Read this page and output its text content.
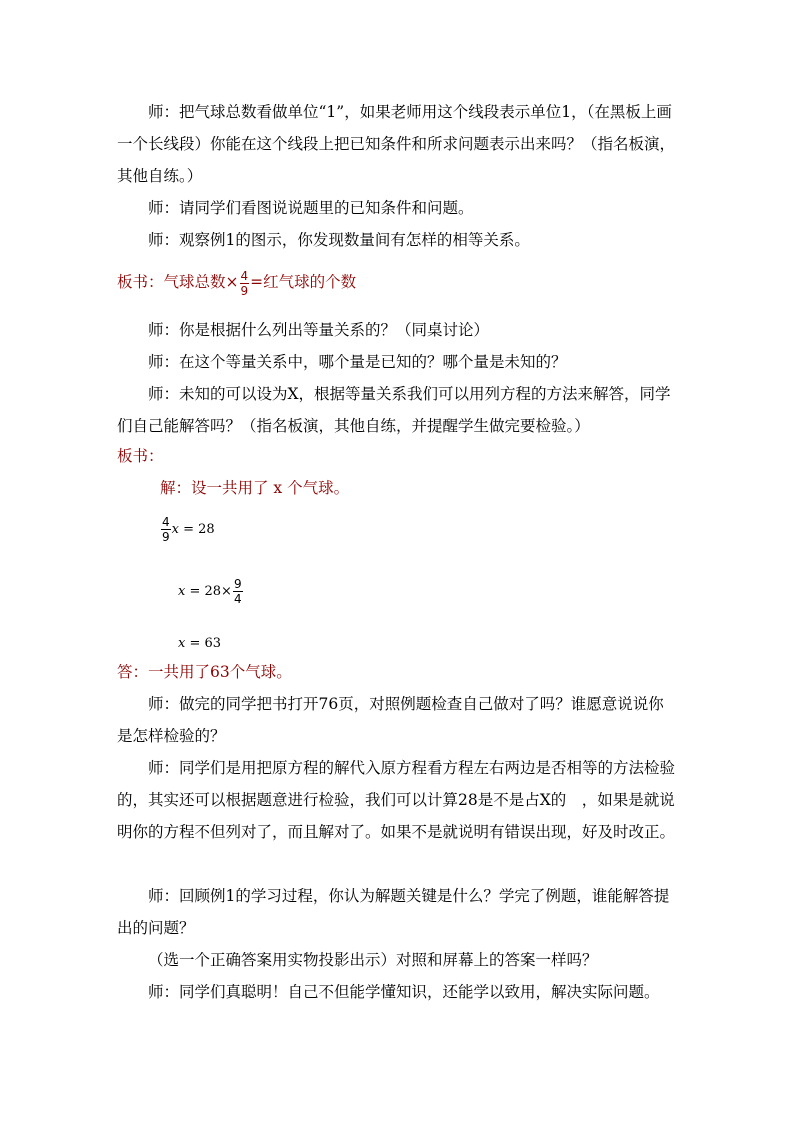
师：把气球总数看做单位“1”，如果老师用这个线段表示单位1，（在黑板上画一个长线段）你能在这个线段上把已知条件和所求问题表示出来吗？（指名板演，其他自练。）

师：请同学们看图说说题里的已知条件和问题。

师：观察例1的图示，你发现数量间有怎样的相等关系。

板书：气球总数× $\frac{4}{9}$ =红气球的个数

师：你是根据什么列出等量关系的？（同桌讨论）

师：在这个等量关系中，哪个量是已知的？哪个量是未知的？

师：未知的可以设为X，根据等量关系我们可以用列方程的方法来解答，同学们自己能解答吗？（指名板演，其他自练，并提醒学生做完要检验。）

板书：

解：设一共用了 x 个气球。

$\frac{4}{9}$ x = 28
$x = 28\times \frac{9}{4}$
x = 63

答：一共用了63个气球。

师：做完的同学把书打开76页，对照例题检查自己做对了吗？谁愿意说说你是怎样检验的？

师：同学们是用把原方程的解代入原方程看方程左右两边是否相等的方法检验的，其实还可以根据题意进行检验，我们可以计算28是不是占X的　，如果是就说明你的方程不但列对了，而且解对了。如果不是就说明有错误出现，好及时改正。

师：回顾例1的学习过程，你认为解题关键是什么？学完了例题，谁能解答提出的问题？

（选一个正确答案用实物投影出示）对照和屏幕上的答案一样吗？

师：同学们真聪明！自己不但能学懂知识，还能学以致用，解决实际问题。
